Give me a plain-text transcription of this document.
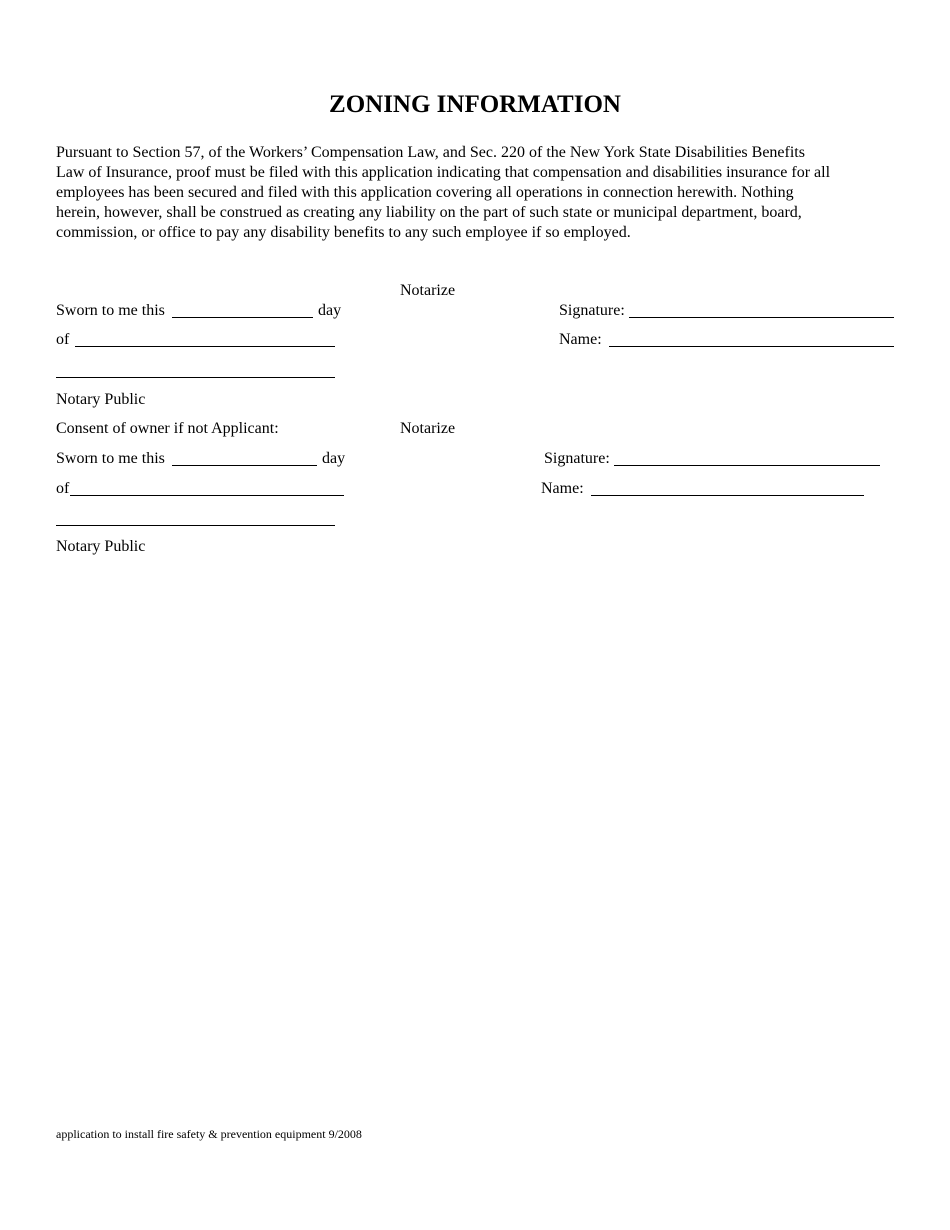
ZONING INFORMATION
Pursuant to Section 57, of the Workers’ Compensation Law, and Sec. 220 of the New York State Disabilities Benefits
Law of Insurance, proof must be filed with this application indicating that compensation and disabilities insurance for all
employees has been secured and filed with this application covering all operations in connection herewith. Nothing
herein, however, shall be construed as creating any liability on the part of such state or municipal department, board,
commission, or office to pay any disability benefits to any such employee if so employed.
Notarize
Sworn to me this	day	Signature:
of	Name:
Notary Public
Consent of owner if not Applicant:	Notarize
Sworn to me this	day	Signature:
of	Name:
Notary Public
application to install fire safety & prevention equipment 9/2008
